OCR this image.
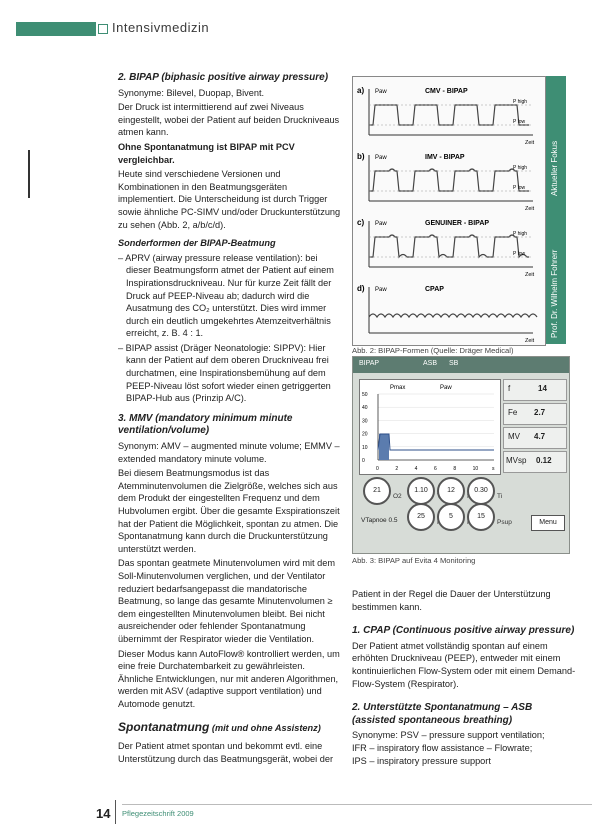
Intensivmedizin

2. BIPAP (biphasic positive airway pressure)

Synonyme: Bilevel, Duopap, Bivent.

Der Druck ist intermittierend auf zwei Niveaus eingestellt, wobei der Patient auf beiden Druckniveaus atmen kann.

Ohne Spontanatmung ist BIPAP mit PCV vergleichbar.

Heute sind verschiedene Versionen und Kombinationen in den Beatmungsgeräten implementiert. Die Unterscheidung ist durch Trigger sowie ähnliche PC-SIMV und/oder Druckunterstützung zu sehen (Abb. 2, a/b/c/d).

Sonderformen der BIPAP-Beatmung

– APRV (airway pressure release ventilation): bei dieser Beatmungsform atmet der Patient auf einem Inspirationsdruckniveau. Nur für kurze Zeit fällt der Druck auf PEEP-Niveau ab; dadurch wird die Ausatmung des CO₂ unterstützt. Dies wird immer durch ein deutlich umgekehrtes Atemzeitverhältnis erreicht, z. B. 4 : 1.

– BIPAP assist (Dräger Neonatologie: SIPPV): Hier kann der Patient auf dem oberen Druckniveau frei durchatmen, eine Inspirationsbemühung auf dem PEEP-Niveau löst sofort wieder einen getriggerten BIPAP-Hub aus (Prinzip A/C).

3. MMV (mandatory minimum minute ventilation/volume)

Synonym: AMV – augmented minute volume; EMMV – extended mandatory minute volume.

Bei diesem Beatmungsmodus ist das Atemminutenvolumen die Zielgröße, welches sich aus dem Produkt der eingestellten Frequenz und dem Hubvolumen ergibt. Über die gesamte Exspirationszeit hat der Patient die Möglichkeit, spontan zu atmen. Die Spontanatmung kann durch die Druckunterstützung unterstützt werden.

Das spontan geatmete Minutenvolumen wird mit dem Soll-Minutenvolumen verglichen, und der Ventilator reduziert bedarfsangepasst die mandatorische Beatmung, so lange das gesamte Minutenvolumen ≥ dem eingestellten Minutenvolumen bleibt. Bei nicht ausreichender oder fehlender Spontanatmung übernimmt der Respirator wieder die Ventilation.

Dieser Modus kann AutoFlow® kontrolliert werden, um eine freie Durchatembarkeit zu gewährleisten. Ähnliche Entwicklungen, nur mit anderen Algorithmen, werden mit ASV (adaptive support ventilation) und Automode genutzt.

Spontanatmung (mit und ohne Assistenz)

Der Patient atmet spontan und bekommt evtl. eine Unterstützung durch das Beatmungsgerät, wobei der

a) Paw	CMV - BIPAP
Zeit
P high
P low
b) Paw	IMV - BIPAP
Zeit
P high
P low
c) Paw	GENUINER - BIPAP
Zeit
P high
P low
d) Paw	CPAP
Zeit
Aktueller Fokus
Prof. Dr. Wilhelm Fohrerr
Abb. 2: BIPAP-Formen (Quelle: Dräger Medical)
BIPAP	ASB SB
Pmax	Paw
50
40
30
20
10
0
0	2	4	6	8	10	s
f	14
Fe 2.7
MV 4.7
MVsp 0.12
21
O2
1.10	12	0.30
Ti
25	5	15
Psup
VTapnoe 0.5	Menu
Abb. 3: BIPAP auf Evita 4 Monitoring

Patient in der Regel die Dauer der Unterstützung bestimmen kann.

1. CPAP (Continuous positive airway pressure)

Der Patient atmet vollständig spontan auf einem erhöhten Druckniveau (PEEP), entweder mit einem kontinuierlichen Flow-System oder mit einem Demand-Flow-System (Respirator).

2. Unterstützte Spontanatmung – ASB (assisted spontaneous breathing)

Synonyme: PSV – pressure support ventilation;

IFR – inspiratory flow assistance – Flowrate;

IPS – inspiratory pressure support

14 Pflegezeitschrift 2009
